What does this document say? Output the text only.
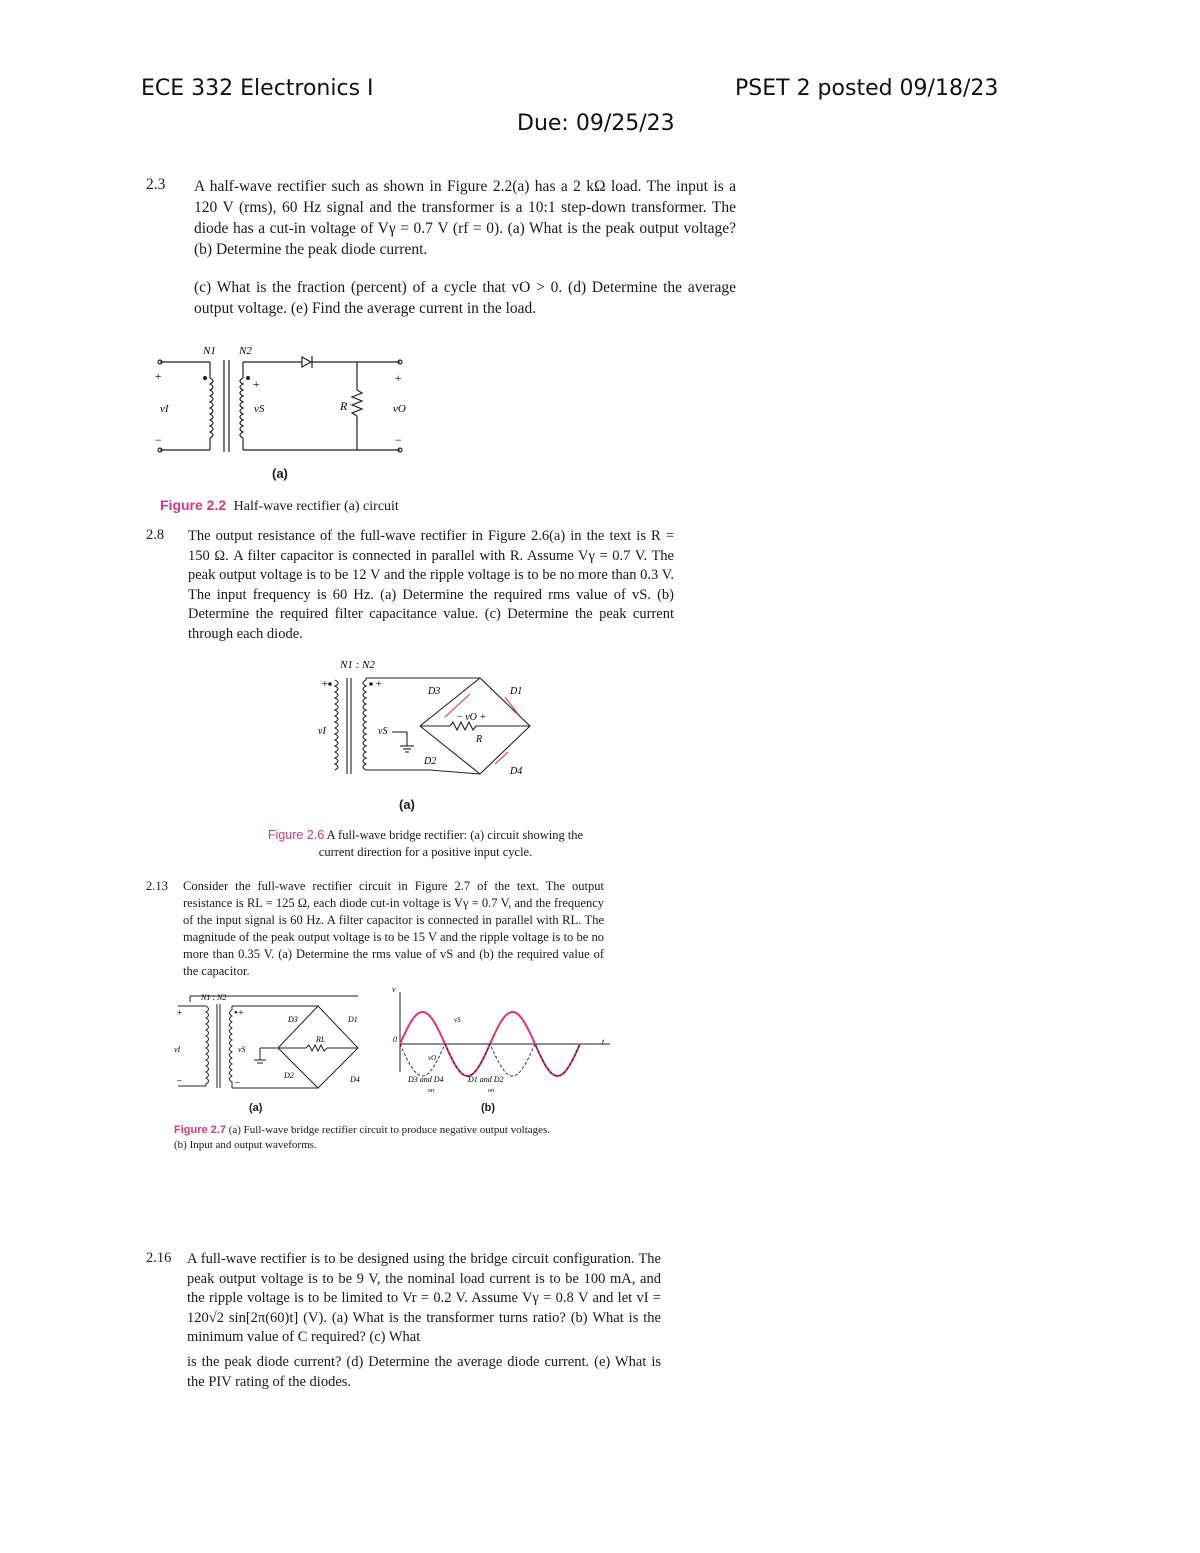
ECE 332 Electronics I	PSET 2 posted 09/18/23
Due: 09/25/23
2.3 A half-wave rectifier such as shown in Figure 2.2(a) has a 2 kΩ load. The input is a 120 V (rms), 60 Hz signal and the transformer is a 10:1 step-down transformer. The diode has a cut-in voltage of Vγ = 0.7 V (rf = 0). (a) What is the peak output voltage? (b) Determine the peak diode current.
(c) What is the fraction (percent) of a cycle that vO > 0. (d) Determine the average output voltage. (e) Find the average current in the load.
+
−
+	+
−
N1 N2
vI	vS	R	vO
(a)
Figure 2.2 Half-wave rectifier (a) circuit
2.8 The output resistance of the full-wave rectifier in Figure 2.6(a) in the text is R = 150 Ω. A filter capacitor is connected in parallel with R. Assume Vγ = 0.7 V. The peak output voltage is to be 12 V and the ripple voltage is to be no more than 0.3 V. The input frequency is 60 Hz. (a) Determine the required rms value of vS. (b) Determine the required filter capacitance value. (c) Determine the peak current through each diode.
+	+
N1 : N2
vI	vS
R
− vO +
D3	D1
D2
D4
(a)
Figure 2.6 A full-wave bridge rectifier: (a) circuit showing the current direction for a positive input cycle.
2.13 Consider the full-wave rectifier circuit in Figure 2.7 of the text. The output resistance is RL = 125 Ω, each diode cut-in voltage is Vγ = 0.7 V, and the frequency of the input signal is 60 Hz. A filter capacitor is connected in parallel with RL. The magnitude of the peak output voltage is to be 15 V and the ripple voltage is to be no more than 0.35 V. (a) Determine the rms value of vS and (b) the required value of the capacitor.
+
−
•+
−
N1 : N2
vI	vS
RL
D3	D1
D2	D4
v
t
0
vS
vO
D3 and D4	D1 and D2
on	on
(a)	(b)
Figure 2.7 (a) Full-wave bridge rectifier circuit to produce negative output voltages.
(b) Input and output waveforms.
2.16 A full-wave rectifier is to be designed using the bridge circuit configuration. The peak output voltage is to be 9 V, the nominal load current is to be 100 mA, and the ripple voltage is to be limited to Vr = 0.2 V. Assume Vγ = 0.8 V and let vI = 120√2 sin[2π(60)t] (V). (a) What is the transformer turns ratio? (b) What is the minimum value of C required? (c) What
is the peak diode current? (d) Determine the average diode current. (e) What is the PIV rating of the diodes.
